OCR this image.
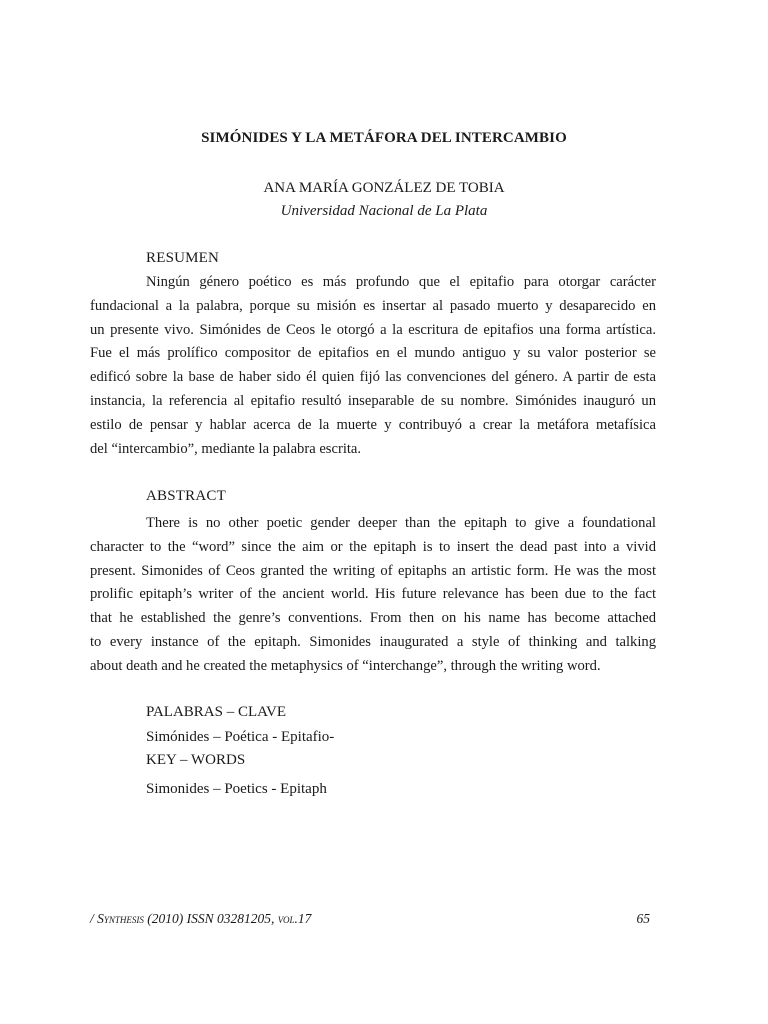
SIMÓNIDES Y LA METÁFORA DEL INTERCAMBIO
ANA MARÍA GONZÁLEZ DE TOBIA
Universidad Nacional de La Plata
RESUMEN
Ningún género poético es más profundo que el epitafio para otorgar carácter
fundacional a la palabra, porque su misión es insertar al pasado muerto y desaparecido en
un presente vivo. Simónides de Ceos le otorgó a la escritura de epitafios una forma artística.
Fue el más prolífico compositor de epitafios en el mundo antiguo y su valor posterior se
edificó sobre la base de haber sido él quien fijó las convenciones del género. A partir de esta
instancia, la referencia al epitafio resultó inseparable de su nombre. Simónides inauguró un
estilo de pensar y hablar acerca de la muerte y contribuyó a crear la metáfora metafísica
del “intercambio”, mediante la palabra escrita.
ABSTRACT
There is no other poetic gender deeper than the epitaph to give a foundational
character to the “word” since the aim or the epitaph is to insert the dead past into a vivid
present. Simonides of Ceos granted the writing of epitaphs an artistic form. He was the most
prolific epitaph’s writer of the ancient world. His future relevance has been due to the fact
that he established the genre’s conventions. From then on his name has become attached
to every instance of the epitaph. Simonides inaugurated a style of thinking and talking
about death and he created the metaphysics of “interchange”, through the writing word.
PALABRAS – CLAVE
Simónides – Poética - Epitafio-
KEY – WORDS
Simonides – Poetics - Epitaph
/ Synthesis (2010) ISSN 03281205, vol.17	65
